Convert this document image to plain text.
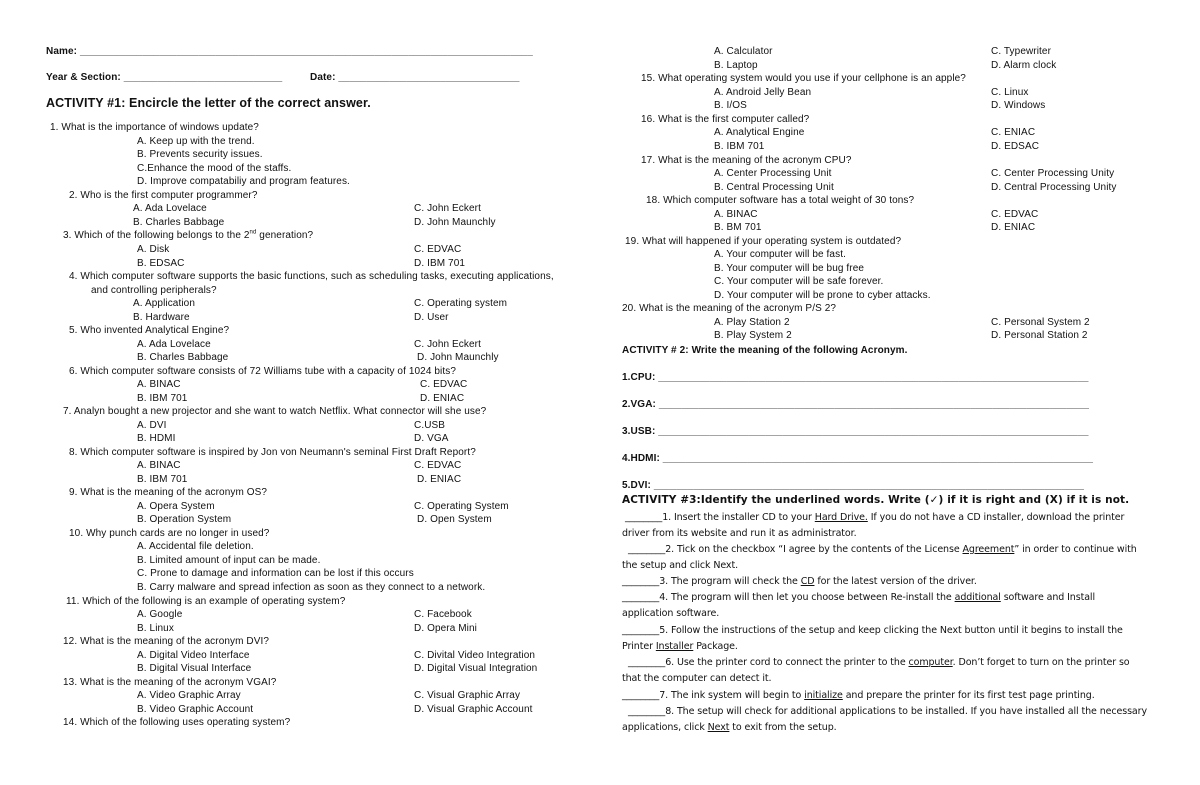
Name: ________________________________________________________________________________
Year & Section: ____________________________	Date: ________________________________
ACTIVITY #1: Encircle the letter of the correct answer.
1. What is the importance of windows update?
A. Keep up with the trend.
B. Prevents security issues.
C.Enhance the mood of the staffs.
D. Improve compatabiliy and program features.
2. Who is the first computer programmer?
A. Ada Lovelace	C. John Eckert
B. Charles Babbage	D. John Maunchly
3. Which of the following belongs to the 2nd generation?
A. Disk	C. EDVAC
B. EDSAC	D. IBM 701
4. Which computer software supports the basic functions, such as scheduling tasks, executing applications,
and controlling peripherals?
A. Application	C. Operating system
B. Hardware	D. User
5. Who invented Analytical Engine?
A. Ada Lovelace	C. John Eckert
B. Charles Babbage	D. John Maunchly
6. Which computer software consists of 72 Williams tube with a capacity of 1024 bits?
A. BINAC	C. EDVAC
B. IBM 701	D. ENIAC
7. Analyn bought a new projector and she want to watch Netflix. What connector will she use?
A. DVI	C.USB
B. HDMI	D. VGA
8. Which computer software is inspired by Jon von Neumann's seminal First Draft Report?
A. BINAC	C. EDVAC
B. IBM 701	D. ENIAC
9. What is the meaning of the acronym OS?
A. Opera System	C. Operating System
B. Operation System	D. Open System
10. Why punch cards are no longer in used?
A. Accidental file deletion.
B. Limited amount of input can be made.
C. Prone to damage and information can be lost if this occurs
B. Carry malware and spread infection as soon as they connect to a network.
11. Which of the following is an example of operating system?
A. Google	C. Facebook
B. Linux	D. Opera Mini
12. What is the meaning of the acronym DVI?
A. Digital Video Interface	C. Divital Video Integration
B. Digital Visual Interface	D. Digital Visual Integration
13. What is the meaning of the acronym VGAI?
A. Video Graphic Array	C. Visual Graphic Array
B. Video Graphic Account	D. Visual Graphic Account
14. Which of the following uses operating system?
A. Calculator	C. Typewriter
B. Laptop	D. Alarm clock
15. What operating system would you use if your cellphone is an apple?
A. Android Jelly Bean	C. Linux
B. I/OS	D. Windows
16. What is the first computer called?
A. Analytical Engine	C. ENIAC
B. IBM 701	D. EDSAC
17. What is the meaning of the acronym CPU?
A. Center Processing Unit	C. Center Processing Unity
B. Central Processing Unit	D. Central Processing Unity
18. Which computer software has a total weight of 30 tons?
A. BINAC	C. EDVAC
B. BM 701	D. ENIAC
19. What will happened if your operating system is outdated?
A. Your computer will be fast.
B. Your computer will be bug free
C. Your computer will be safe forever.
D. Your computer will be prone to cyber attacks.
20. What is the meaning of the acronym P/S 2?
A. Play Station 2	C. Personal System 2
B. Play System 2	D. Personal Station 2
ACTIVITY # 2: Write the meaning of the following Acronym.
1.CPU: ____________________________________________________________________________
2.VGA: ____________________________________________________________________________
3.USB: ____________________________________________________________________________
4.HDMI: ____________________________________________________________________________
5.DVI: ____________________________________________________________________________
ACTIVITY #3:Identify the underlined words. Write (✓) if it is right and (X) if it is not.
________1. Insert the installer CD to your Hard Drive. If you do not have a CD installer, download the printer
driver from its website and run it as administrator.
________2. Tick on the checkbox “I agree by the contents of the License Agreement” in order to continue with
the setup and click Next.
________3. The program will check the CD for the latest version of the driver.
________4. The program will then let you choose between Re-install the additional software and Install
application software.
________5. Follow the instructions of the setup and keep clicking the Next button until it begins to install the
Printer Installer Package.
________6. Use the printer cord to connect the printer to the computer. Don’t forget to turn on the printer so
that the computer can detect it.
________7. The ink system will begin to initialize and prepare the printer for its first test page printing.
________8. The setup will check for additional applications to be installed. If you have installed all the necessary
applications, click Next to exit from the setup.
